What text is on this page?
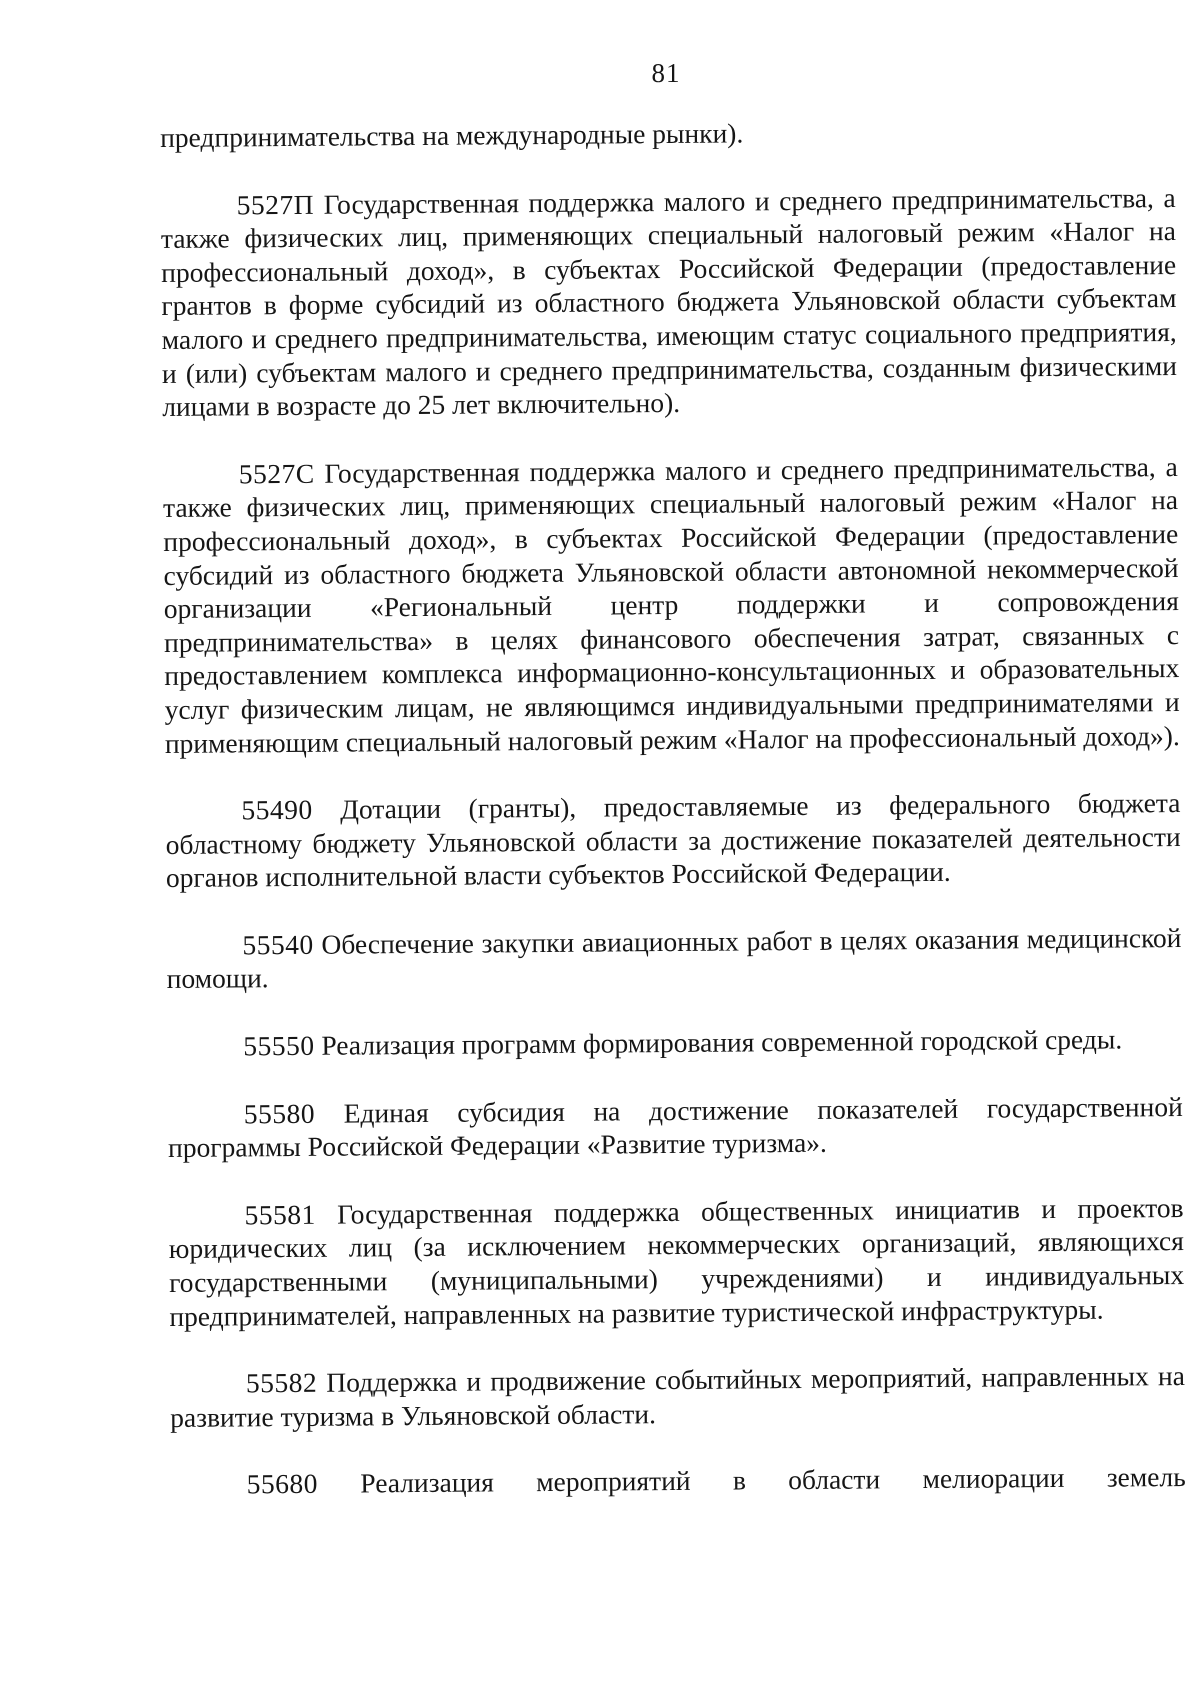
81

предпринимательства на международные рынки).

5527П Государственная поддержка малого и среднего предпринимательства, а также физических лиц, применяющих специальный налоговый режим «Налог на профессиональный доход», в субъектах Российской Федерации (предоставление грантов в форме субсидий из областного бюджета Ульяновской области субъектам малого и среднего предпринимательства, имеющим статус социального предприятия, и (или) субъектам малого и среднего предпринимательства, созданным физическими лицами в возрасте до 25 лет включительно).

5527С Государственная поддержка малого и среднего предпринимательства, а также физических лиц, применяющих специальный налоговый режим «Налог на профессиональный доход», в субъектах Российской Федерации (предоставление субсидий из областного бюджета Ульяновской области автономной некоммерческой организации «Региональный центр поддержки и сопровождения предпринимательства» в целях финансового обеспечения затрат, связанных с предоставлением комплекса информационно-консультационных и образовательных услуг физическим лицам, не являющимся индивидуальными предпринимателями и применяющим специальный налоговый режим «Налог на профессиональный доход»).

55490 Дотации (гранты), предоставляемые из федерального бюджета областному бюджету Ульяновской области за достижение показателей деятельности органов исполнительной власти субъектов Российской Федерации.

55540 Обеспечение закупки авиационных работ в целях оказания медицинской помощи.

55550 Реализация программ формирования современной городской среды.

55580 Единая субсидия на достижение показателей государственной программы Российской Федерации «Развитие туризма».

55581 Государственная поддержка общественных инициатив и проектов юридических лиц (за исключением некоммерческих организаций, являющихся государственными (муниципальными) учреждениями) и индивидуальных предпринимателей, направленных на развитие туристической инфраструктуры.

55582 Поддержка и продвижение событийных мероприятий, направленных на развитие туризма в Ульяновской области.

55680 Реализация мероприятий в области мелиорации земель
